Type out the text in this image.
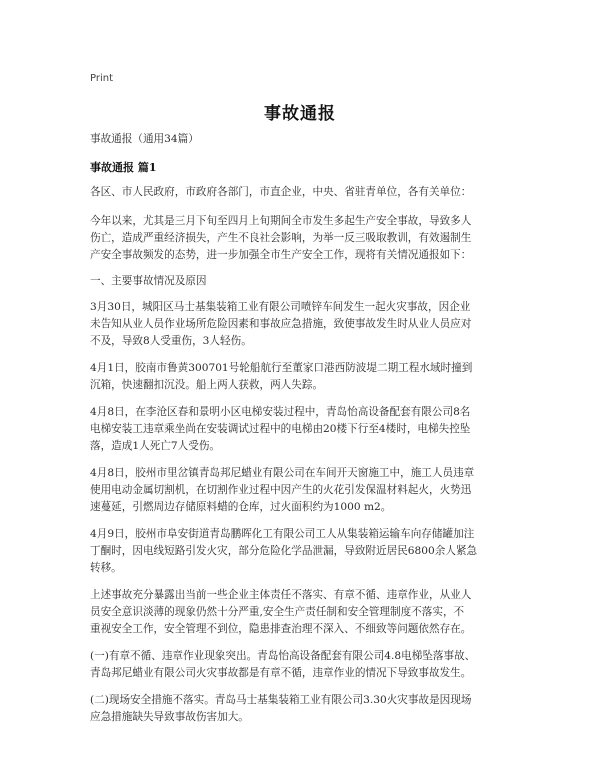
Print
事故通报
事故通报（通用34篇）
事故通报 篇1
各区、市人民政府，市政府各部门，市直企业，中央、省驻青单位，各有关单位：
今年以来，尤其是三月下旬至四月上旬期间全市发生多起生产安全事故，导致多人
伤亡，造成严重经济损失，产生不良社会影响，为举一反三吸取教训，有效遏制生
产安全事故频发的态势，进一步加强全市生产安全工作，现将有关情况通报如下：
一、主要事故情况及原因
3月30日，城阳区马士基集装箱工业有限公司喷锌车间发生一起火灾事故，因企业
未告知从业人员作业场所危险因素和事故应急措施，致使事故发生时从业人员应对
不及，导致8人受重伤，3人轻伤。
4月1日，胶南市鲁黄300701号轮船航行至董家口港西防波堤二期工程水域时撞到
沉箱，快速翻扣沉没。船上两人获救，两人失踪。
4月8日，在李沧区春和景明小区电梯安装过程中，青岛怡高设备配套有限公司8名
电梯安装工违章乘坐尚在安装调试过程中的电梯由20楼下行至4楼时，电梯失控坠
落，造成1人死亡7人受伤。
4月8日，胶州市里岔镇青岛邦尼蜡业有限公司在车间开天窗施工中，施工人员违章
使用电动金属切割机，在切割作业过程中因产生的火花引发保温材料起火，火势迅
速蔓延，引燃周边存储原料蜡的仓库，过火面积约为1000 m2。
4月9日，胶州市阜安街道青岛鹏晖化工有限公司工人从集装箱运输车向存储罐加注
丁酮时，因电线短路引发火灾，部分危险化学品泄漏，导致附近居民6800余人紧急
转移。
上述事故充分暴露出当前一些企业主体责任不落实、有章不循、违章作业，从业人
员安全意识淡薄的现象仍然十分严重,安全生产责任制和安全管理制度不落实，不
重视安全工作，安全管理不到位，隐患排查治理不深入、不细致等问题依然存在。
(一)有章不循、违章作业现象突出。青岛怡高设备配套有限公司4.8电梯坠落事故、
青岛邦尼蜡业有限公司火灾事故都是有章不循，违章作业的情况下导致事故发生。
(二)现场安全措施不落实。青岛马士基集装箱工业有限公司3.30火灾事故是因现场
应急措施缺失导致事故伤害加大。
